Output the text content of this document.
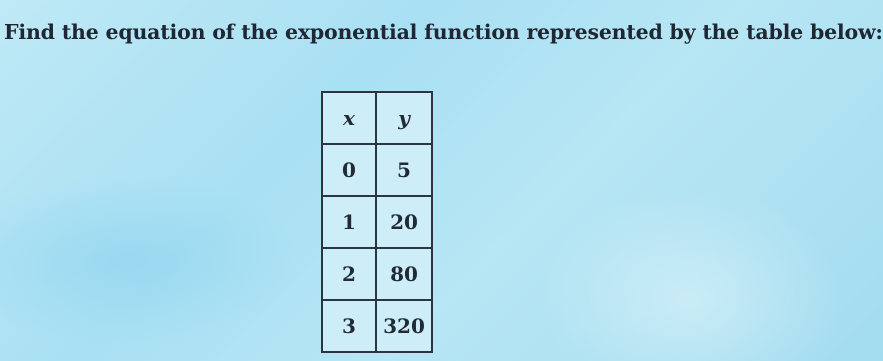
Find the equation of the exponential function represented by the table below:

x	y
0	5
1	20
2	80
3	320
